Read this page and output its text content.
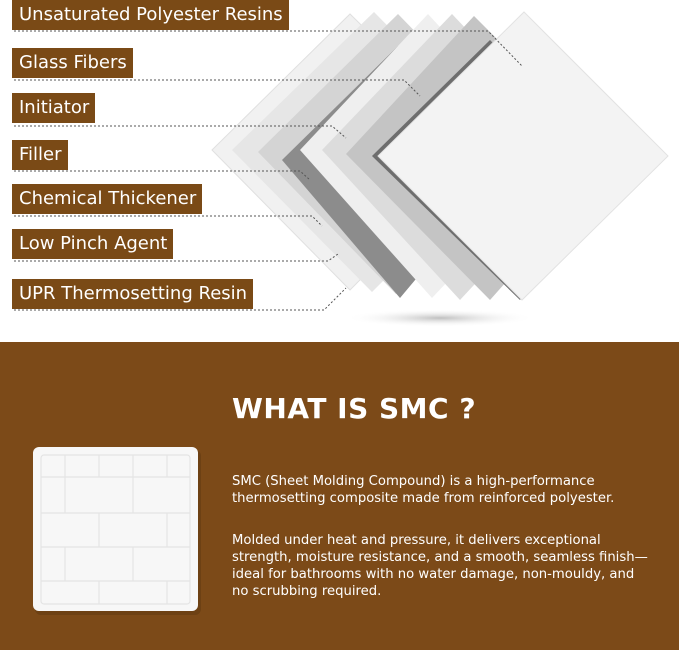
Unsaturated Polyester Resins
Glass Fibers
Initiator
Filler
Chemical Thickener
Low Pinch Agent
UPR Thermosetting Resin
WHAT IS SMC ?
SMC (Sheet Molding Compound) is a high-performance thermosetting composite made from reinforced polyester.
Molded under heat and pressure, it delivers exceptional strength, moisture resistance, and a smooth, seamless finish—ideal for bathrooms with no water damage, non-mouldy, and no scrubbing required.
